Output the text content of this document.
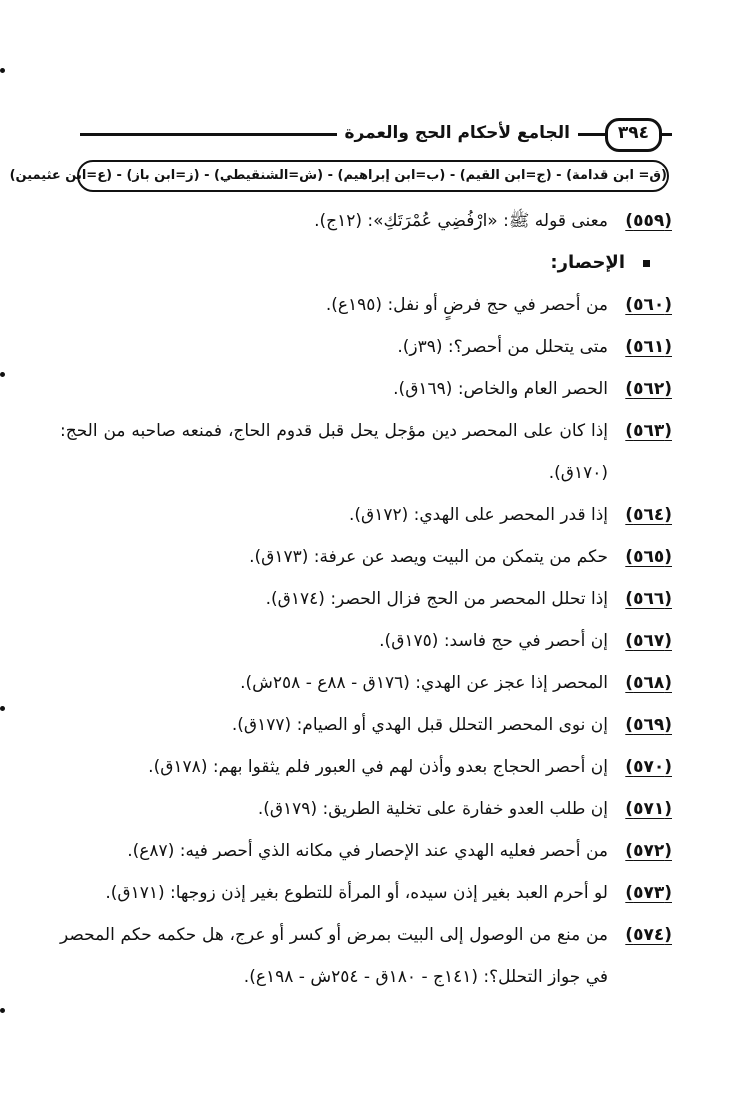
٣٩٤
الجامع لأحكام الحج والعمرة
(ق= ابن قدامة) - (ج=ابن القيم) - (ب=ابن إبراهيم) - (ش=الشنقيطي) - (ز=ابن باز) - (ع=ابن عثيمين)
(٥٥٩)
معنى قوله ﷺ: «ارْفُضِي عُمْرَتَكِ»: (١٢ج).
الإحصار:
(٥٦٠)
من أحصر في حج فرضٍ أو نفل: (١٩٥ع).
(٥٦١)
متى يتحلل من أحصر؟: (٣٩ز).
(٥٦٢)
الحصر العام والخاص: (١٦٩ق).
(٥٦٣)
إذا كان على المحصر دين مؤجل يحل قبل قدوم الحاج، فمنعه صاحبه من الحج: (١٧٠ق).
(٥٦٤)
إذا قدر المحصر على الهدي: (١٧٢ق).
(٥٦٥)
حكم من يتمكن من البيت ويصد عن عرفة: (١٧٣ق).
(٥٦٦)
إذا تحلل المحصر من الحج فزال الحصر: (١٧٤ق).
(٥٦٧)
إن أحصر في حج فاسد: (١٧٥ق).
(٥٦٨)
المحصر إذا عجز عن الهدي: (١٧٦ق - ٨٨ع - ٢٥٨ش).
(٥٦٩)
إن نوى المحصر التحلل قبل الهدي أو الصيام: (١٧٧ق).
(٥٧٠)
إن أحصر الحجاج بعدو وأذن لهم في العبور فلم يثقوا بهم: (١٧٨ق).
(٥٧١)
إن طلب العدو خفارة على تخلية الطريق: (١٧٩ق).
(٥٧٢)
من أحصر فعليه الهدي عند الإحصار في مكانه الذي أحصر فيه: (٨٧ع).
(٥٧٣)
لو أحرم العبد بغير إذن سيده، أو المرأة للتطوع بغير إذن زوجها: (١٧١ق).
(٥٧٤)
من منع من الوصول إلى البيت بمرض أو كسر أو عرج، هل حكمه حكم المحصر في جواز التحلل؟: (١٤١ج - ١٨٠ق - ٢٥٤ش - ١٩٨ع).
